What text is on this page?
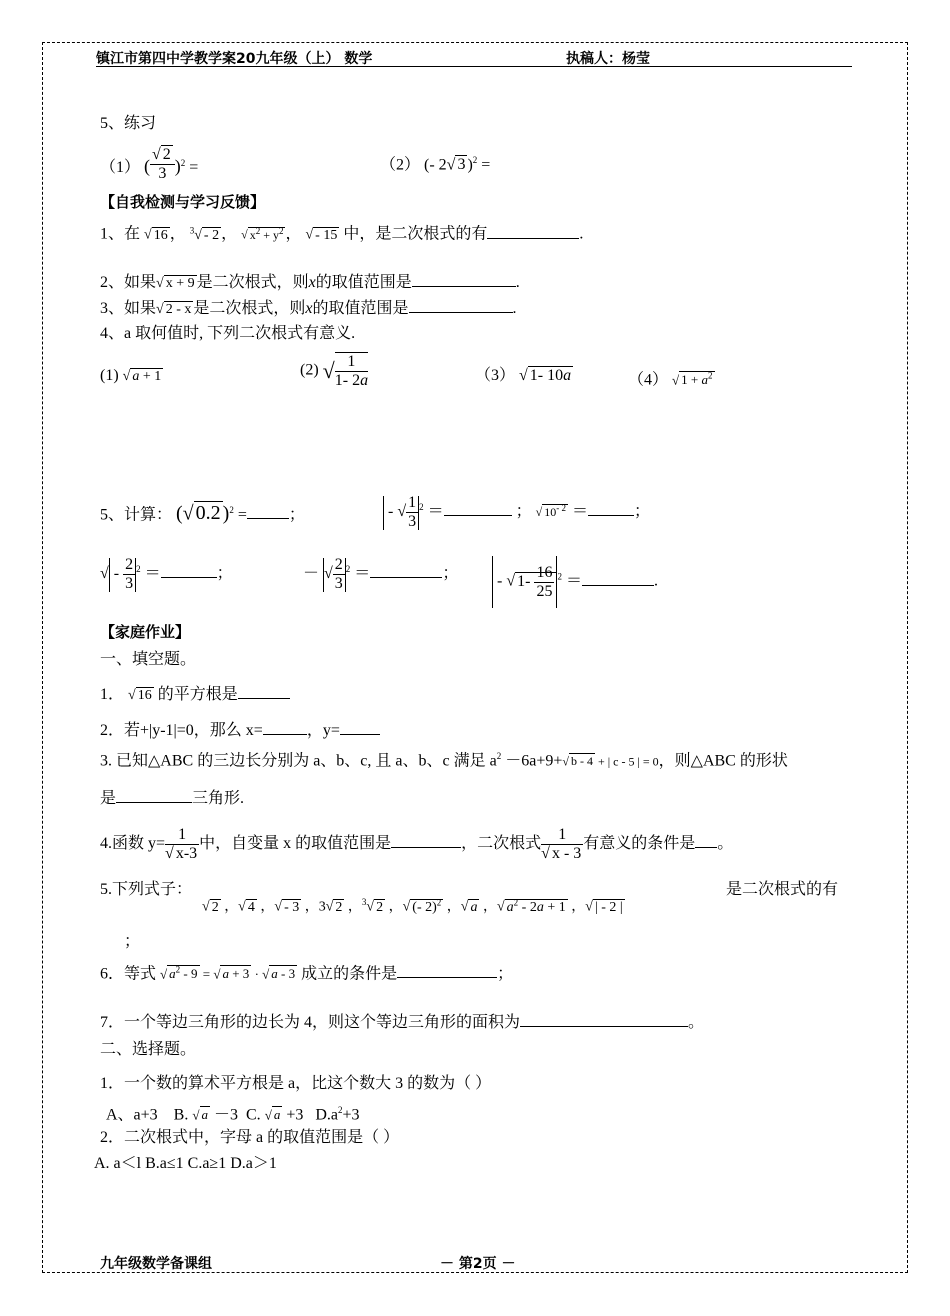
镇江市第四中学教学案20九年级（上） 数学	执稿人：杨莹
5、练习
（1） ( $\frac{√ 2}{3} )^2$ =	（2） (- 2√ 3 )$^2$ =
【自我检测与学习反馈】
1、在 √ 16 ， $^3$√ - 2 ， √ $x^2 + y^2$ ， √ - 15 中，是二次根式的有	.
2、如果√ x + 9 是二次根式，则x的取值范围是	.
3、如果√ 2 - x 是二次根式，则x的取值范围是	.
4、a 取何值时, 下列二次根式有意义.
(1) √ a + 1	(2) √ $\frac{1}{1- 2a}$	（3） √ 1- 10a	（4） √ $1 + a^2$
5、计算： (√ 0.2 )$^2$ =	；	- √ $\frac{1}{3} ^2$ ＝	； √ $10^{- 2}$ ＝	；
√ - $\frac{2}{3} ^2$ ＝	；	－ √ $\frac{2}{3} ^2$ ＝	； - √ $1- \frac{16}{25} ^2$ ＝	.
【家庭作业】
一、填空题。
1． √ 16 的平方根是
2．若+|y-1|=0，那么 x=	，y=
3. 已知△ABC 的三边长分别为 a、b、c, 且 a、b、c 满足 $a^2 -6a+9+√$ b - 4 + | c - 5 | = 0，则△ABC 的形状
是	三角形.
4.函数 $y= \frac{1}{√ x-3}$ 中，自变量 x 的取值范围是	，二次根式 $\frac{1}{√ x - 3}$ 有意义的条件是 。
5.下列式子：
√ 2 ，√ 4 ，√ - 3 ，3√ 2 ，$^3$√ 2 ，√ (- 2)$^2$ ，√ a ，√ $a^2 - 2a + 1$ ，√ | - 2 |
是二次根式的有
；
6．等式 √ $a^2 - 9$ = √ a + 3 · √ a - 3 成立的条件是	；
7．一个等边三角形的边长为 4，则这个等边三角形的面积为	。
二、选择题。
1．一个数的算术平方根是 a，比这个数大 3 的数为（ ）
A、a+3    B. √ a －3  C. √ a +3   $D.a^2+3$
2．二次根式中，字母 a 的取值范围是（ ）
A. a＜l B.a≤1 C.a≥1 D.a＞1
九年级数学备课组	－ 第2页 －
